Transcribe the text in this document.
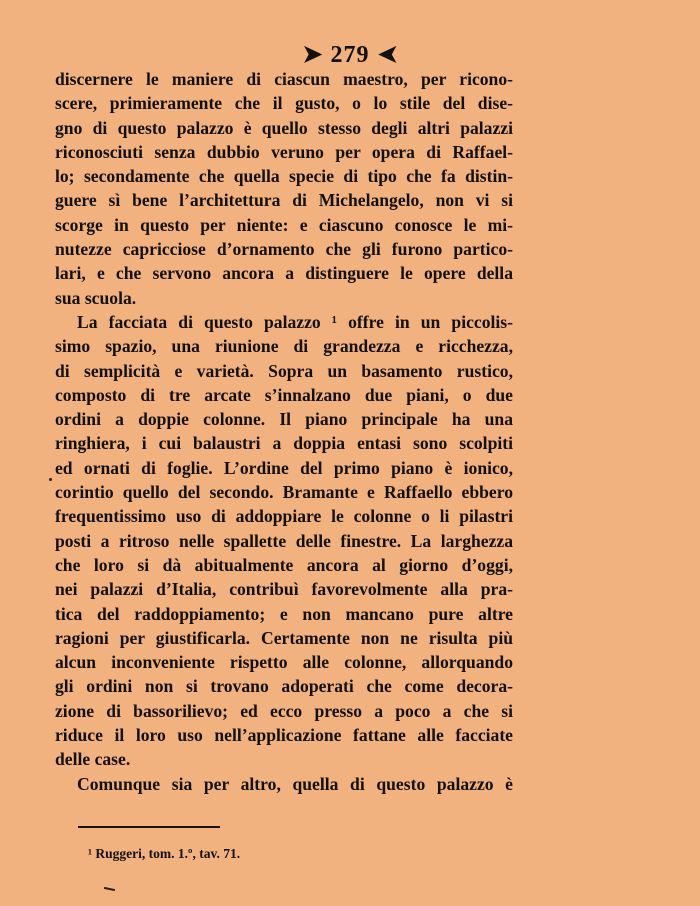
➤ 279 ➤
discernere le maniere di ciascun maestro, per ricono-
scere, primieramente che il gusto, o lo stile del dise-
gno di questo palazzo è quello stesso degli altri palazzi
riconosciuti senza dubbio veruno per opera di Raffael-
lo; secondamente che quella specie di tipo che fa distin-
guere sì bene l’architettura di Michelangelo, non vi si
scorge in questo per niente: e ciascuno conosce le mi-
nutezze capricciose d’ornamento che gli furono partico-
lari, e che servono ancora a distinguere le opere della
sua scuola.
La facciata di questo palazzo ¹ offre in un piccolis-
simo spazio, una riunione di grandezza e ricchezza,
di semplicità e varietà. Sopra un basamento rustico,
composto di tre arcate s’innalzano due piani, o due
ordini a doppie colonne. Il piano principale ha una
ringhiera, i cui balaustri a doppia entasi sono scolpiti
ed ornati di foglie. L’ordine del primo piano è ionico,
corintio quello del secondo. Bramante e Raffaello ebbero
frequentissimo uso di addoppiare le colonne o li pilastri
posti a ritroso nelle spallette delle finestre. La larghezza
che loro si dà abitualmente ancora al giorno d’oggi,
nei palazzi d’Italia, contribuì favorevolmente alla pra-
tica del raddoppiamento; e non mancano pure altre
ragioni per giustificarla. Certamente non ne risulta più
alcun inconveniente rispetto alle colonne, allorquando
gli ordini non si trovano adoperati che come decora-
zione di bassorilievo; ed ecco presso a poco a che si
riduce il loro uso nell’applicazione fattane alle facciate
delle case.
Comunque sia per altro, quella di questo palazzo è
¹ Ruggeri, tom. 1.º, tav. 71.
